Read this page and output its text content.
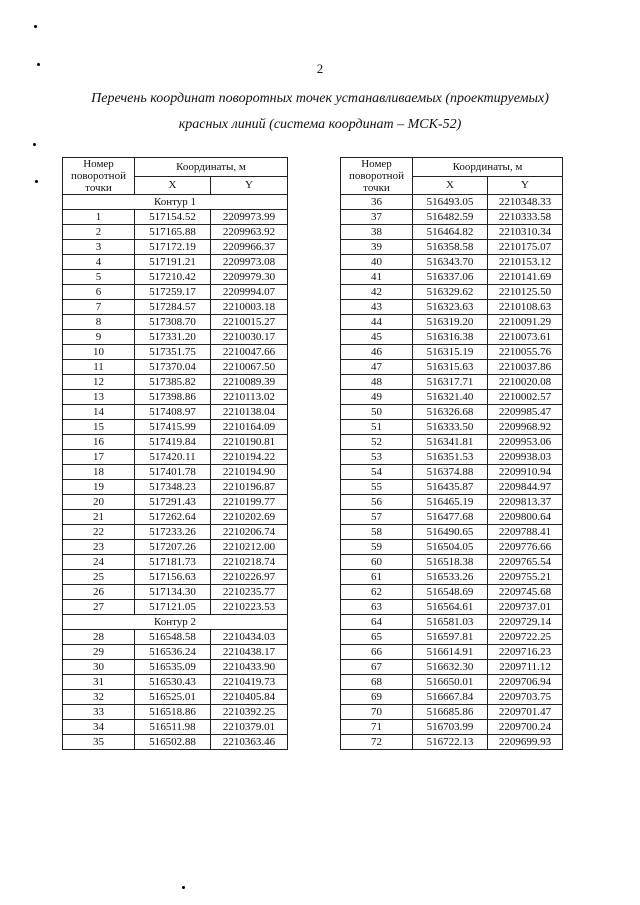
2
Перечень координат поворотных точек устанавливаемых (проектируемых)
красных линий (система координат – МСК-52)
Номер
поворотной
точки	Координаты, м	
	X	Y
Контур 1		
1	517154.52	2209973.99
2	517165.88	2209963.92
3	517172.19	2209966.37
4	517191.21	2209973.08
5	517210.42	2209979.30
6	517259.17	2209994.07
7	517284.57	2210003.18
8	517308.70	2210015.27
9	517331.20	2210030.17
10	517351.75	2210047.66
11	517370.04	2210067.50
12	517385.82	2210089.39
13	517398.86	2210113.02
14	517408.97	2210138.04
15	517415.99	2210164.09
16	517419.84	2210190.81
17	517420.11	2210194.22
18	517401.78	2210194.90
19	517348.23	2210196.87
20	517291.43	2210199.77
21	517262.64	2210202.69
22	517233.26	2210206.74
23	517207.26	2210212.00
24	517181.73	2210218.74
25	517156.63	2210226.97
26	517134.30	2210235.77
27	517121.05	2210223.53
Контур 2		
28	516548.58	2210434.03
29	516536.24	2210438.17
30	516535.09	2210433.90
31	516530.43	2210419.73
32	516525.01	2210405.84
33	516518.86	2210392.25
34	516511.98	2210379.01
35	516502.88	2210363.46
Номер
поворотной
точки	Координаты, м	
	X	Y
36	516493.05	2210348.33
37	516482.59	2210333.58
38	516464.82	2210310.34
39	516358.58	2210175.07
40	516343.70	2210153.12
41	516337.06	2210141.69
42	516329.62	2210125.50
43	516323.63	2210108.63
44	516319.20	2210091.29
45	516316.38	2210073.61
46	516315.19	2210055.76
47	516315.63	2210037.86
48	516317.71	2210020.08
49	516321.40	2210002.57
50	516326.68	2209985.47
51	516333.50	2209968.92
52	516341.81	2209953.06
53	516351.53	2209938.03
54	516374.88	2209910.94
55	516435.87	2209844.97
56	516465.19	2209813.37
57	516477.68	2209800.64
58	516490.65	2209788.41
59	516504.05	2209776.66
60	516518.38	2209765.54
61	516533.26	2209755.21
62	516548.69	2209745.68
63	516564.61	2209737.01
64	516581.03	2209729.14
65	516597.81	2209722.25
66	516614.91	2209716.23
67	516632.30	2209711.12
68	516650.01	2209706.94
69	516667.84	2209703.75
70	516685.86	2209701.47
71	516703.99	2209700.24
72	516722.13	2209699.93
